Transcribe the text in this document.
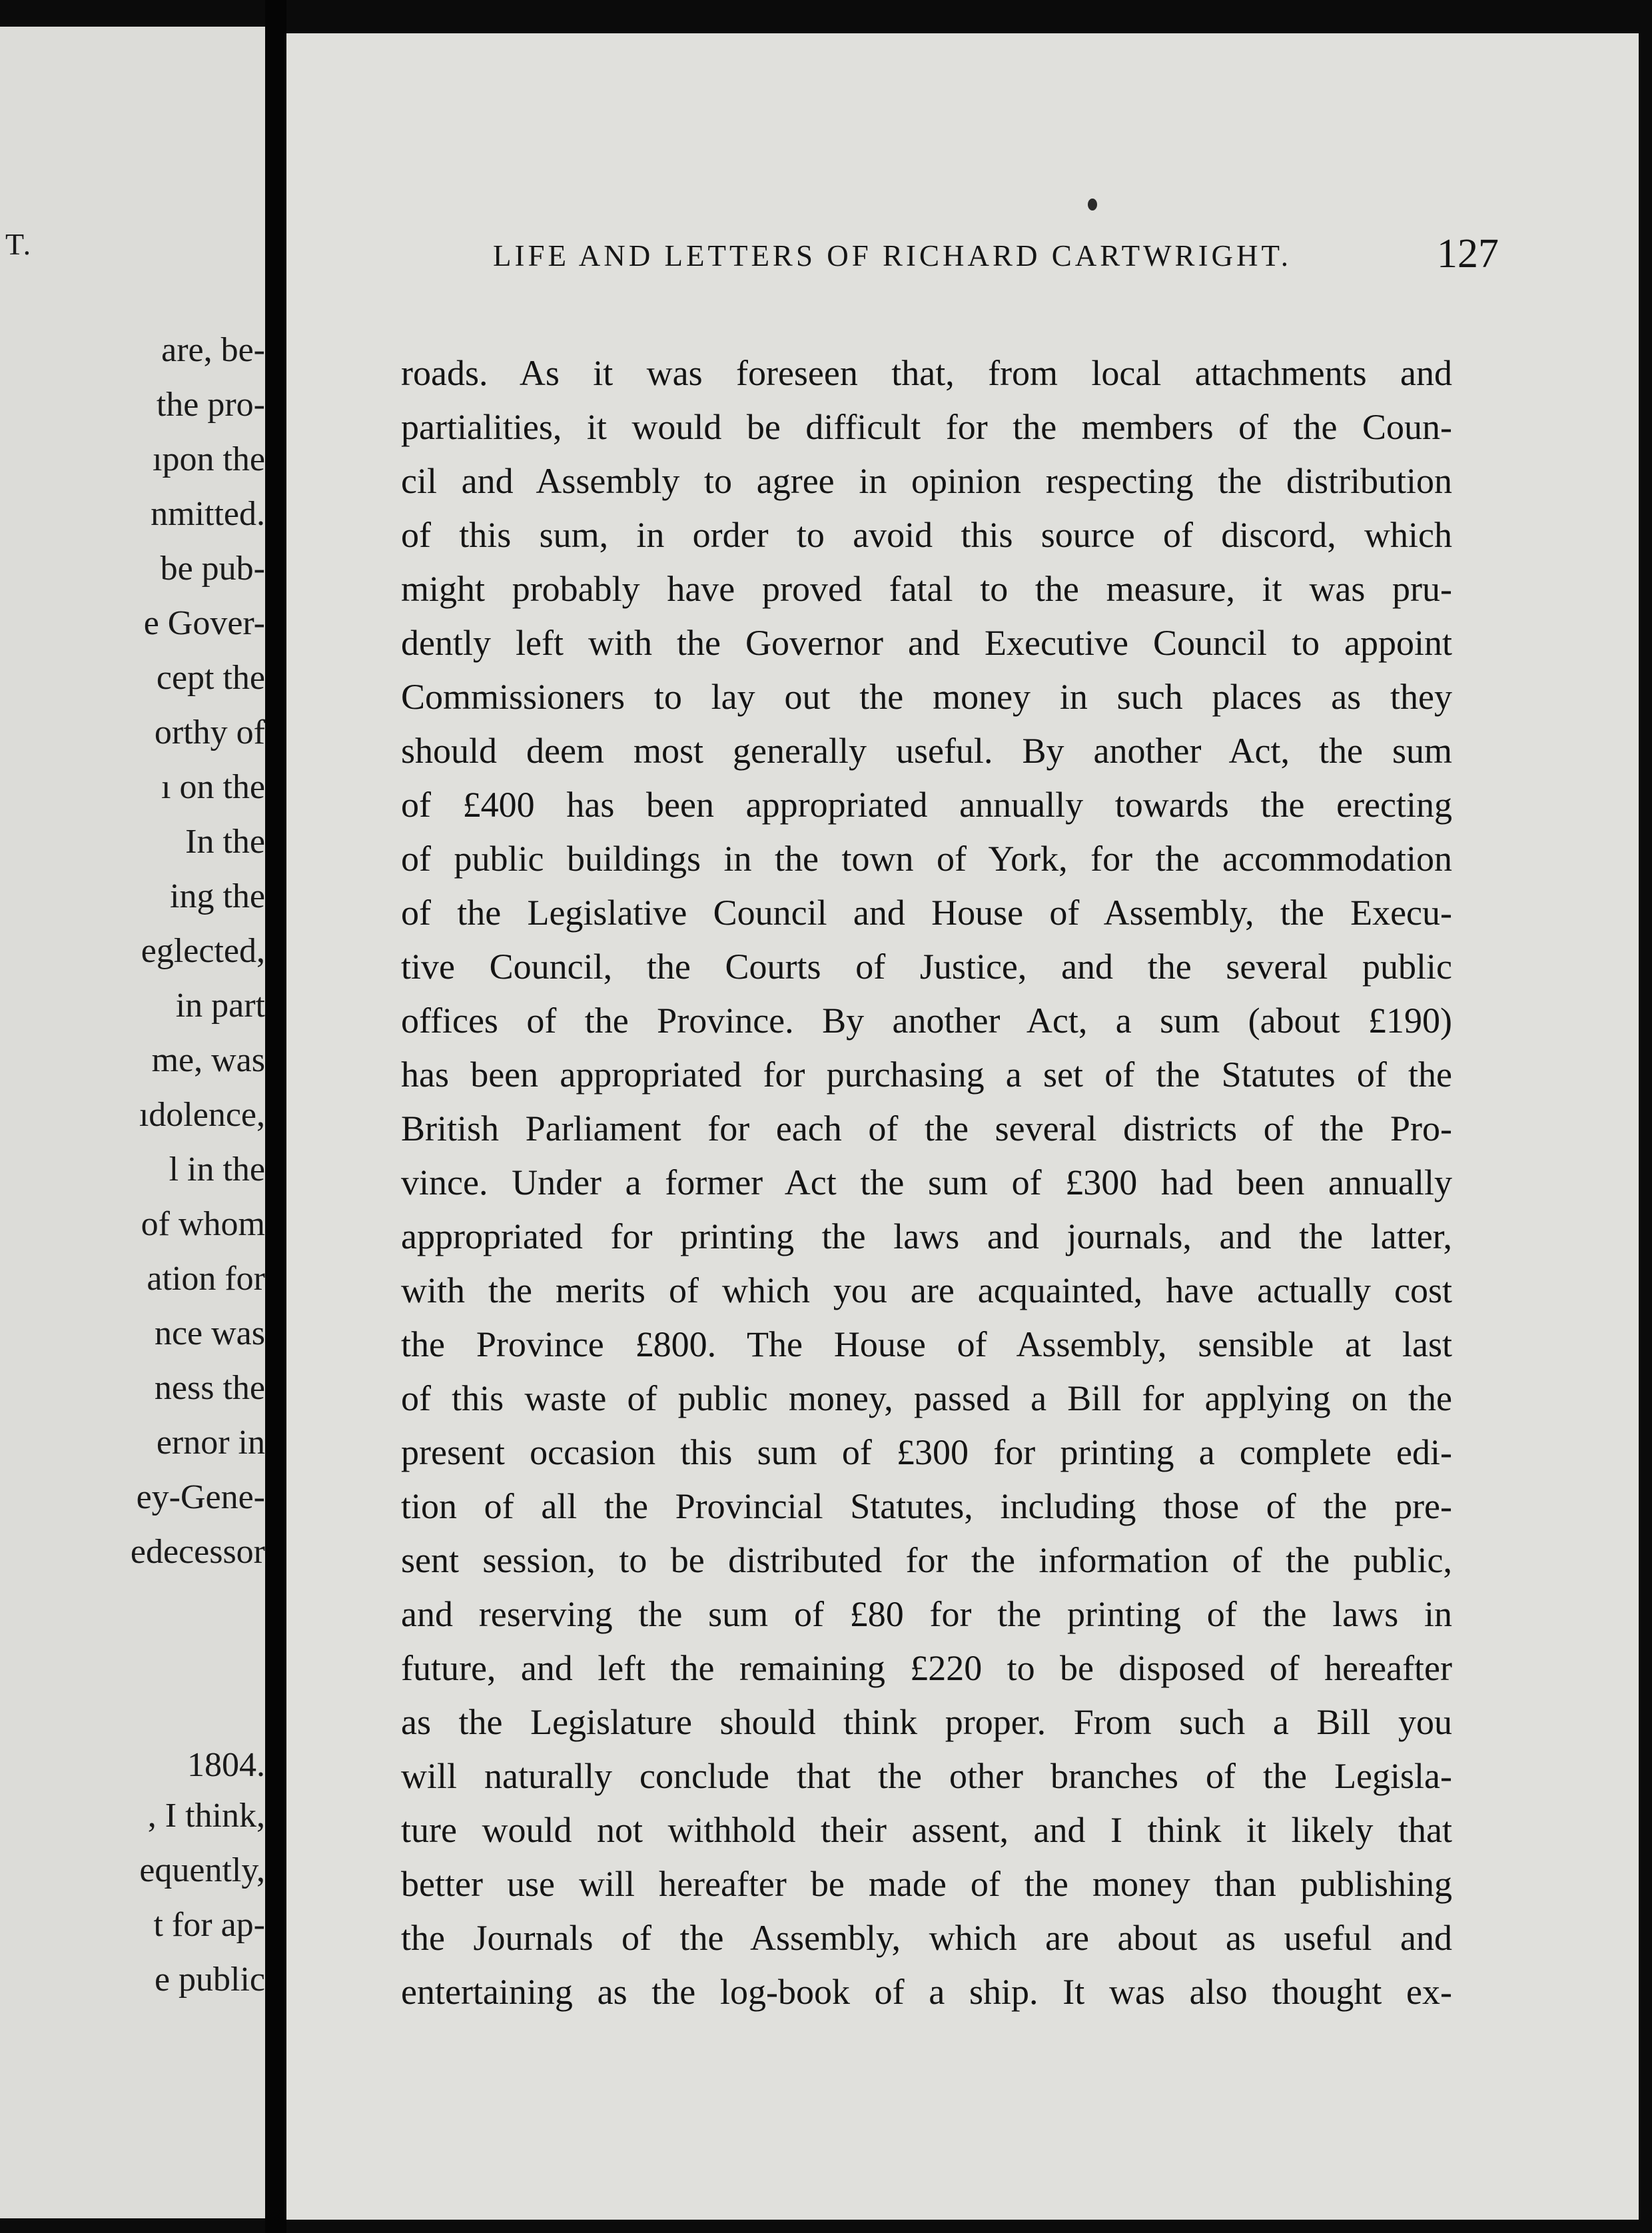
T.
are, be-
the pro-
ıpon the
nmitted.
be pub-
e Gover-
cept the
orthy of
ı on the
In the
ing the
eglected,
in part
me, was
ıdolence,
l in the
of whom
ation for
nce was
ness the
ernor in
ey-Gene-
edecessor
1804.
, I think,
equently,
t for ap-
e public
LIFE AND LETTERS OF RICHARD CARTWRIGHT.	127
roads. As it was foreseen that, from local attachments and
partialities, it would be difficult for the members of the Coun-
cil and Assembly to agree in opinion respecting the distribution
of this sum, in order to avoid this source of discord, which
might probably have proved fatal to the measure, it was pru-
dently left with the Governor and Executive Council to appoint
Commissioners to lay out the money in such places as they
should deem most generally useful. By another Act, the sum
of £400 has been appropriated annually towards the erecting
of public buildings in the town of York, for the accommodation
of the Legislative Council and House of Assembly, the Execu-
tive Council, the Courts of Justice, and the several public
offices of the Province. By another Act, a sum (about £190)
has been appropriated for purchasing a set of the Statutes of the
British Parliament for each of the several districts of the Pro-
vince. Under a former Act the sum of £300 had been annually
appropriated for printing the laws and journals, and the latter,
with the merits of which you are acquainted, have actually cost
the Province £800. The House of Assembly, sensible at last
of this waste of public money, passed a Bill for applying on the
present occasion this sum of £300 for printing a complete edi-
tion of all the Provincial Statutes, including those of the pre-
sent session, to be distributed for the information of the public,
and reserving the sum of £80 for the printing of the laws in
future, and left the remaining £220 to be disposed of hereafter
as the Legislature should think proper. From such a Bill you
will naturally conclude that the other branches of the Legisla-
ture would not withhold their assent, and I think it likely that
better use will hereafter be made of the money than publishing
the Journals of the Assembly, which are about as useful and
entertaining as the log-book of a ship. It was also thought ex-
